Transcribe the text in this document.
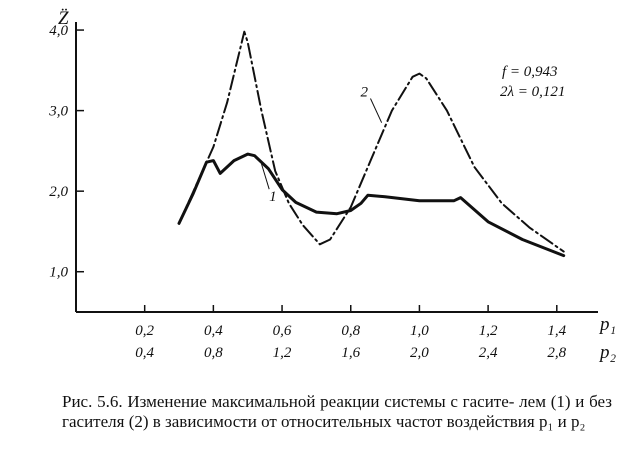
1,0
2,0
3,0
4,0
0,2	0,4	0,6	0,8	1,0	1,2	1,4
0,4	0,8	1,2	1,6	2,0	2,4	2,8
Z̈
p₁
p₂
f = 0,943
2λ = 0,121
1
2

Рис. 5.6. Изменение максимальной реакции системы с гасите- лем (1) и без гасителя (2) в зависимости от относительных частот воздействия p₁ и p₂
